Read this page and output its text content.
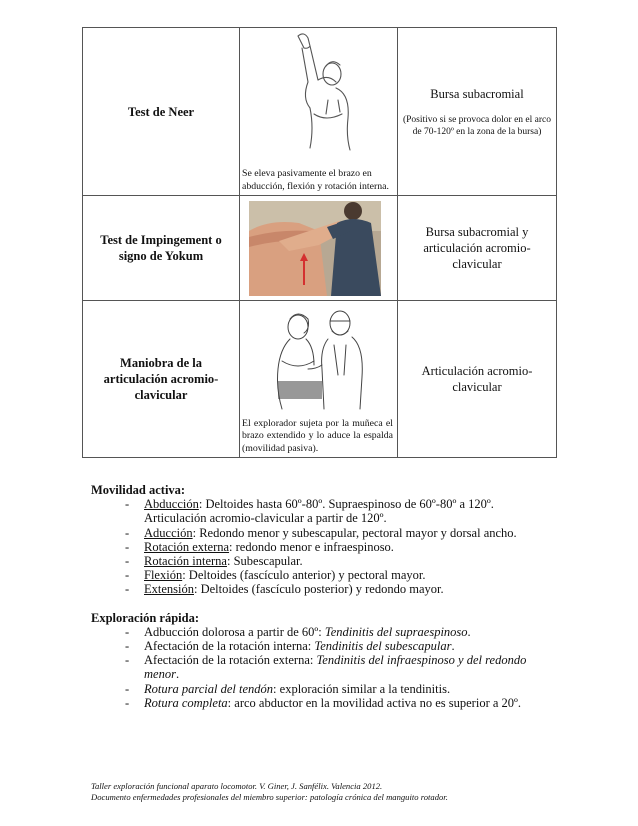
Test de Neer	Se eleva pasivamente el brazo en abducción, flexión y rotación interna.	Bursa subacromial
(Positivo si se provoca dolor en el arco de 70-120º en la zona de la bursa)

Test de Impingement o signo de Yokum		Bursa subacromial y articulación acromio-clavicular

Maniobra de la articulación acromio-clavicular	El explorador sujeta por la muñeca el brazo extendido y lo aduce la espalda (movilidad pasiva).	Articulación acromio-clavicular

Movilidad activa:

- Abducción: Deltoides hasta 60º-80º. Supraespinoso de 60º-80º a 120º. Articulación acromio-clavicular a partir de 120º.
- Aducción: Redondo menor y subescapular, pectoral mayor y dorsal ancho.
- Rotación externa: redondo menor e infraespinoso.
- Rotación interna: Subescapular.
- Flexión: Deltoides (fascículo anterior) y pectoral mayor.
- Extensión: Deltoides (fascículo posterior) y redondo mayor.

Exploración rápida:

- Adbucción dolorosa a partir de 60º: Tendinitis del supraespinoso.
- Afectación de la rotación interna: Tendinitis del subescapular.
- Afectación de la rotación externa: Tendinitis del infraespinoso y del redondo menor.
- Rotura parcial del tendón: exploración similar a la tendinitis.
- Rotura completa: arco abductor en la movilidad activa no es superior a 20º.
Taller exploración funcional aparato locomotor. V. Giner, J. Sanfélix. Valencia 2012.
Documento enfermedades profesionales del miembro superior: patología crónica del manguito rotador.
